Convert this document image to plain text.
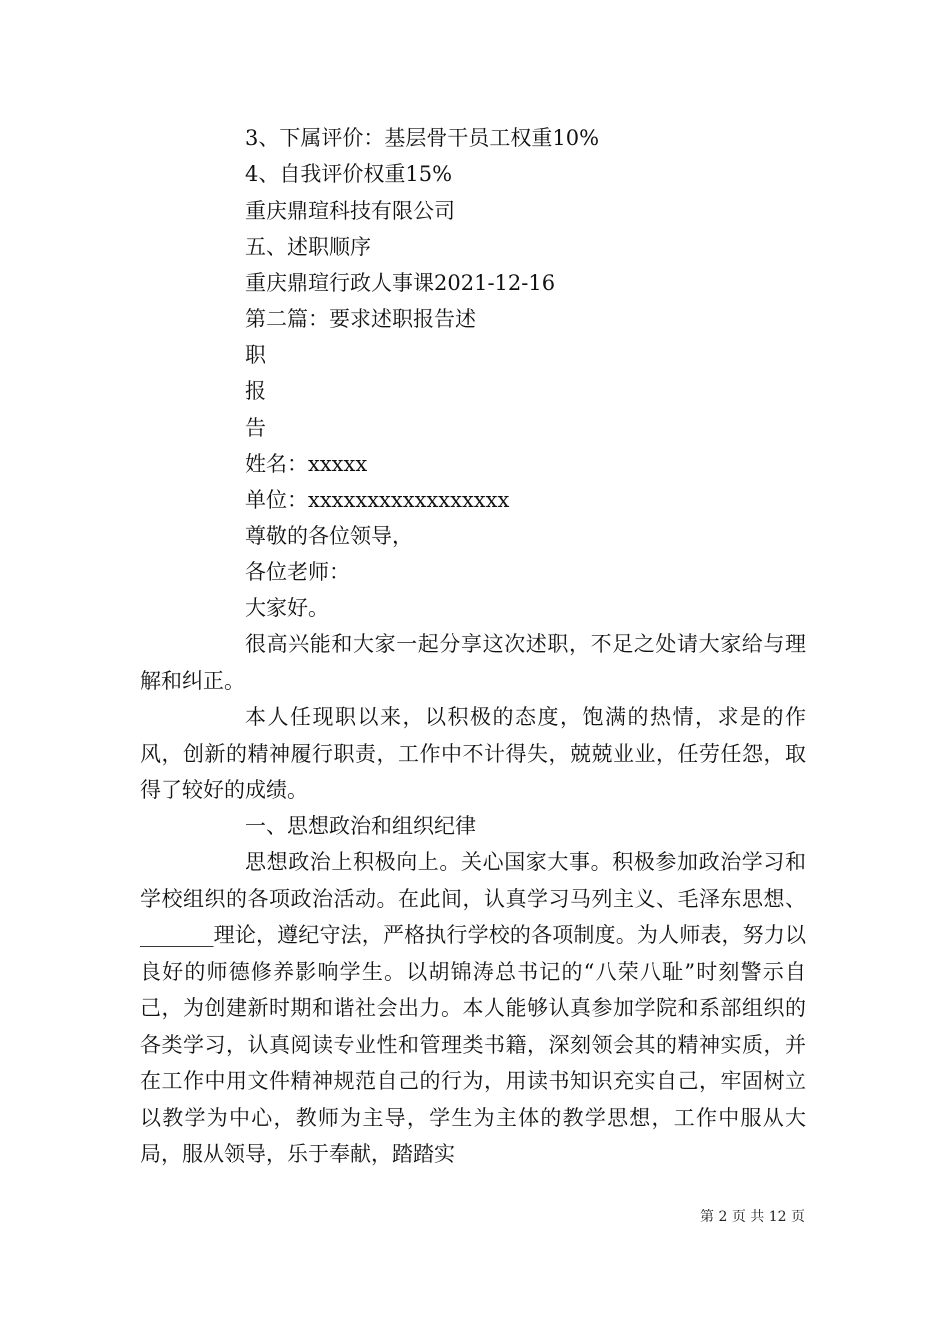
3、下属评价：基层骨干员工权重10%
4、自我评价权重15%
重庆鼎瑄科技有限公司
五、述职顺序
重庆鼎瑄行政人事课2021-12-16
第二篇：要求述职报告述
职
报
告
姓名：xxxxx
单位：xxxxxxxxxxxxxxxxx
尊敬的各位领导，
各位老师：
大家好。

很高兴能和大家一起分享这次述职，不足之处请大家给与理解和纠正。

本人任现职以来，以积极的态度，饱满的热情，求是的作风，创新的精神履行职责，工作中不计得失，兢兢业业，任劳任怨，取得了较好的成绩。

一、思想政治和组织纪律

思想政治上积极向上。关心国家大事。积极参加政治学习和学校组织的各项政治活动。在此间，认真学习马列主义、毛泽东思想、_______理论，遵纪守法，严格执行学校的各项制度。为人师表，努力以良好的师德修养影响学生。以胡锦涛总书记的“八荣八耻”时刻警示自己，为创建新时期和谐社会出力。本人能够认真参加学院和系部组织的各类学习，认真阅读专业性和管理类书籍，深刻领会其的精神实质，并在工作中用文件精神规范自己的行为，用读书知识充实自己，牢固树立以教学为中心，教师为主导，学生为主体的教学思想，工作中服从大局，服从领导，乐于奉献，踏踏实

第 2 页 共 12 页
